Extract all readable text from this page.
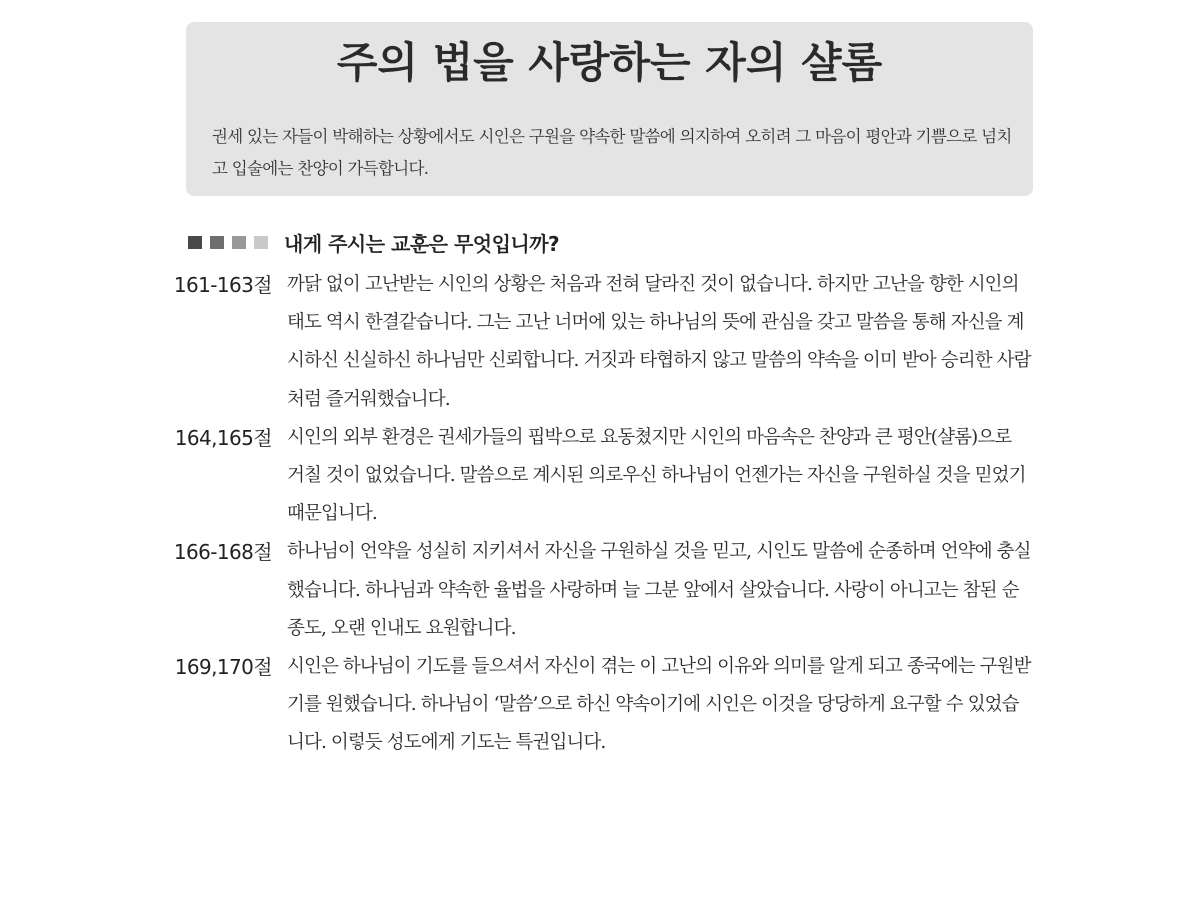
주의 법을 사랑하는 자의 샬롬
권세 있는 자들이 박해하는 상황에서도 시인은 구원을 약속한 말씀에 의지하여 오히려 그 마음이 평안과 기쁨으로 넘치고 입술에는 찬양이 가득합니다.
내게 주시는 교훈은 무엇입니까?
161-163절 까닭 없이 고난받는 시인의 상황은 처음과 전혀 달라진 것이 없습니다. 하지만 고난을 향한 시인의 태도 역시 한결같습니다. 그는 고난 너머에 있는 하나님의 뜻에 관심을 갖고 말씀을 통해 자신을 계시하신 신실하신 하나님만 신뢰합니다. 거짓과 타협하지 않고 말씀의 약속을 이미 받아 승리한 사람처럼 즐거워했습니다.
164,165절 시인의 외부 환경은 권세가들의 핍박으로 요동쳤지만 시인의 마음속은 찬양과 큰 평안(샬롬)으로 거칠 것이 없었습니다. 말씀으로 계시된 의로우신 하나님이 언젠가는 자신을 구원하실 것을 믿었기 때문입니다.
166-168절 하나님이 언약을 성실히 지키셔서 자신을 구원하실 것을 믿고, 시인도 말씀에 순종하며 언약에 충실했습니다. 하나님과 약속한 율법을 사랑하며 늘 그분 앞에서 살았습니다. 사랑이 아니고는 참된 순종도, 오랜 인내도 요원합니다.
169,170절 시인은 하나님이 기도를 들으셔서 자신이 겪는 이 고난의 이유와 의미를 알게 되고 종국에는 구원받기를 원했습니다. 하나님이 ‘말씀’으로 하신 약속이기에 시인은 이것을 당당하게 요구할 수 있었습니다. 이렇듯 성도에게 기도는 특권입니다.
